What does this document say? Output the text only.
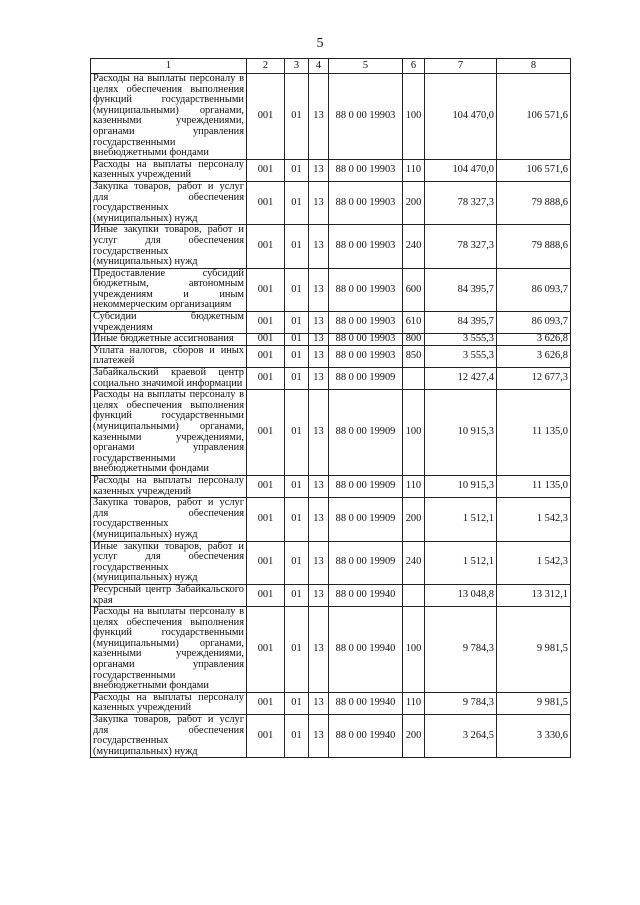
5
1	2	3	4	5	6	7	8
Расходы на выплаты персоналу в целях обеспечения выполнения функций государственными (муниципальными) органами, казенными учреждениями, органами управления государственными внебюджетными фондами	001	01	13	88 0 00 19903	100	104 470,0	106 571,6
Расходы на выплаты персоналу казенных учреждений	001	01	13	88 0 00 19903	110	104 470,0	106 571,6
Закупка товаров, работ и услуг для обеспечения государственных (муниципальных) нужд	001	01	13	88 0 00 19903	200	78 327,3	79 888,6
Иные закупки товаров, работ и услуг для обеспечения государственных (муниципальных) нужд	001	01	13	88 0 00 19903	240	78 327,3	79 888,6
Предоставление субсидий бюджетным, автономным учреждениям и иным некоммерческим организациям	001	01	13	88 0 00 19903	600	84 395,7	86 093,7
Субсидии бюджетным учреждениям	001	01	13	88 0 00 19903	610	84 395,7	86 093,7
Иные бюджетные ассигнования	001	01	13	88 0 00 19903	800	3 555,3	3 626,8
Уплата налогов, сборов и иных платежей	001	01	13	88 0 00 19903	850	3 555,3	3 626,8
Забайкальский краевой центр социально значимой информации	001	01	13	88 0 00 19909		12 427,4	12 677,3
Расходы на выплаты персоналу в целях обеспечения выполнения функций государственными (муниципальными) органами, казенными учреждениями, органами управления государственными внебюджетными фондами	001	01	13	88 0 00 19909	100	10 915,3	11 135,0
Расходы на выплаты персоналу казенных учреждений	001	01	13	88 0 00 19909	110	10 915,3	11 135,0
Закупка товаров, работ и услуг для обеспечения государственных (муниципальных) нужд	001	01	13	88 0 00 19909	200	1 512,1	1 542,3
Иные закупки товаров, работ и услуг для обеспечения государственных (муниципальных) нужд	001	01	13	88 0 00 19909	240	1 512,1	1 542,3
Ресурсный центр Забайкальского края	001	01	13	88 0 00 19940		13 048,8	13 312,1
Расходы на выплаты персоналу в целях обеспечения выполнения функций государственными (муниципальными) органами, казенными учреждениями, органами управления государственными внебюджетными фондами	001	01	13	88 0 00 19940	100	9 784,3	9 981,5
Расходы на выплаты персоналу казенных учреждений	001	01	13	88 0 00 19940	110	9 784,3	9 981,5
Закупка товаров, работ и услуг для обеспечения государственных (муниципальных) нужд	001	01	13	88 0 00 19940	200	3 264,5	3 330,6
